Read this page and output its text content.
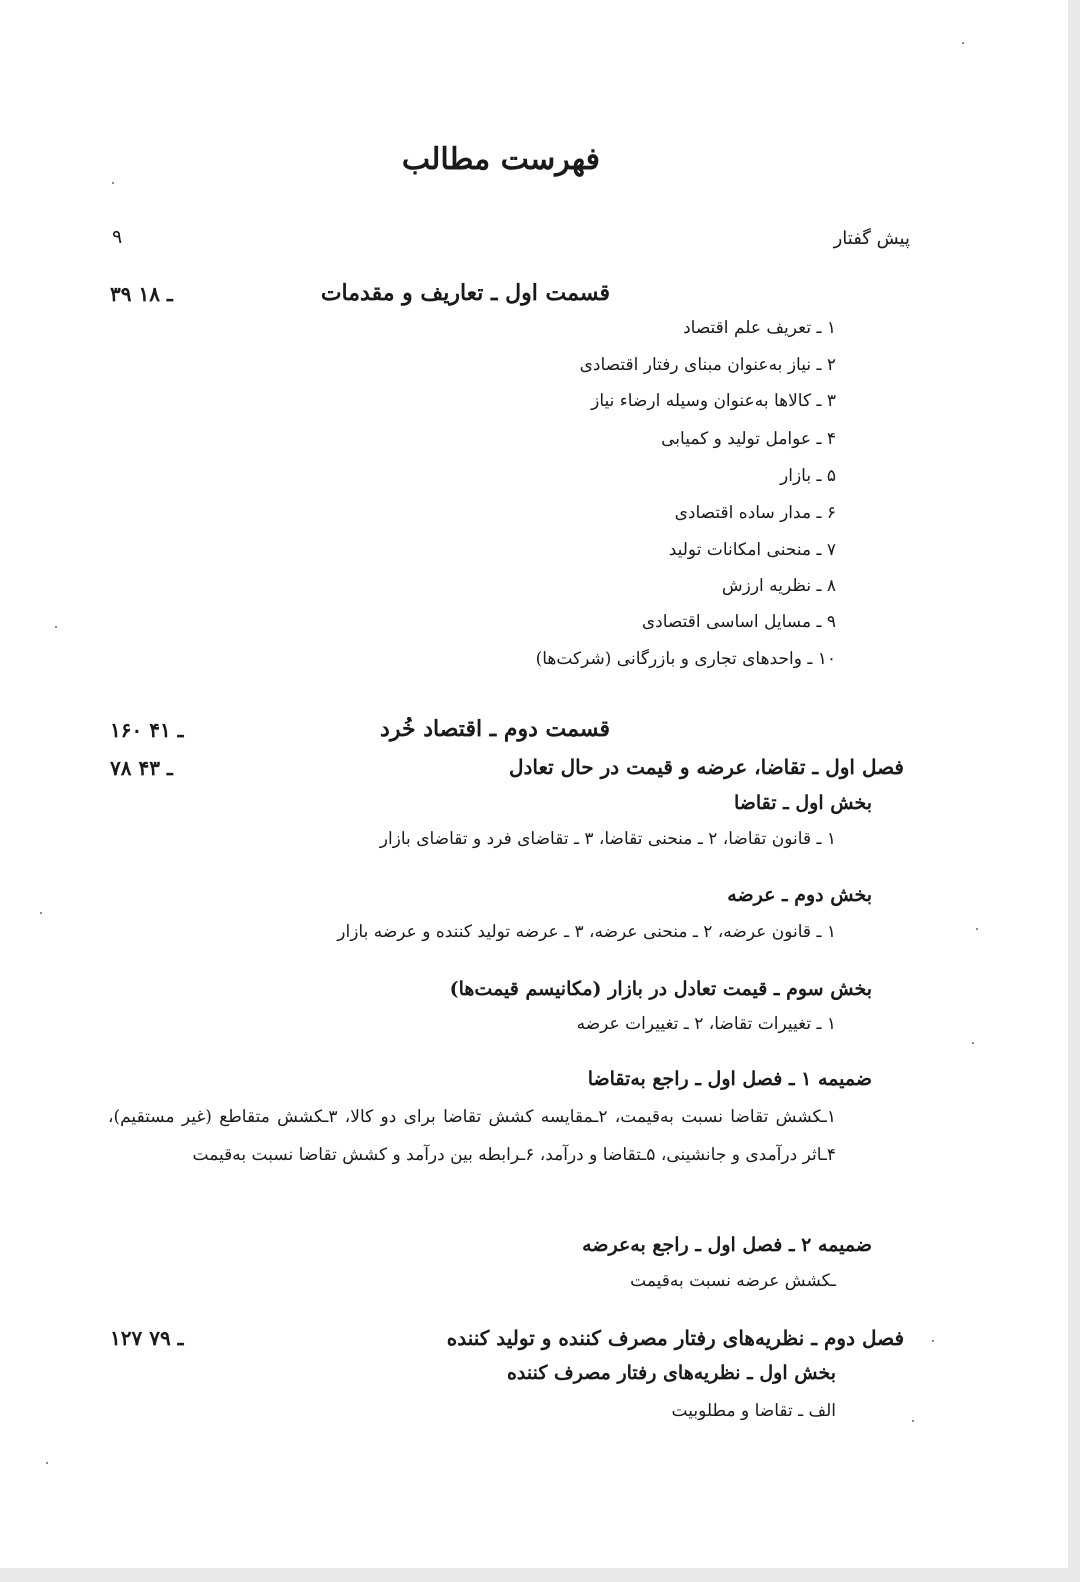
فهرست مطالب
پیش گفتار
۹
قسمت اول ـ تعاریف و مقدمات
۳۹ ـ ۱۸
۱ ـ تعریف علم اقتصاد
۲ ـ نیاز به‌عنوان مبنای رفتار اقتصادی
۳ ـ کالاها به‌عنوان وسیله ارضاء نیاز
۴ ـ عوامل تولید و کمیابی
۵ ـ بازار
۶ ـ مدار ساده اقتصادی
۷ ـ منحنی امکانات تولید
۸ ـ نظریه ارزش
۹ ـ مسایل اساسی اقتصادی
۱۰ ـ واحدهای تجاری و بازرگانی (شرکت‌ها)
قسمت دوم ـ اقتصاد خُرد
۱۶۰ ـ ۴۱
فصل اول ـ تقاضا، عرضه و قیمت در حال تعادل
۷۸ ـ ۴۳
بخش اول ـ تقاضا
۱ ـ قانون تقاضا، ۲ ـ منحنی تقاضا، ۳ ـ تقاضای فرد و تقاضای بازار
بخش دوم ـ عرضه
۱ ـ قانون عرضه، ۲ ـ منحنی عرضه، ۳ ـ عرضه تولید کننده و عرضه بازار
بخش سوم ـ قیمت تعادل در بازار (مکانیسم قیمت‌ها)
۱ ـ تغییرات تقاضا، ۲ ـ تغییرات عرضه
ضمیمه ۱ ـ فصل اول ـ راجع به‌تقاضا
۱ـکشش تقاضا نسبت به‌قیمت، ۲ـمقایسه کشش تقاضا برای دو کالا، ۳ـکشش متقاطع (غیر مستقیم)، ۴ـاثر درآمدی و جانشینی، ۵ـتقاضا و درآمد، ۶ـرابطه بین درآمد و کشش تقاضا نسبت به‌قیمت
ضمیمه ۲ ـ فصل اول ـ راجع به‌عرضه
ـکشش عرضه نسبت به‌قیمت
فصل دوم ـ نظریه‌های رفتار مصرف کننده و تولید کننده
۱۲۷ ـ ۷۹
بخش اول ـ نظریه‌های رفتار مصرف کننده
الف ـ تقاضا و مطلوبیت
